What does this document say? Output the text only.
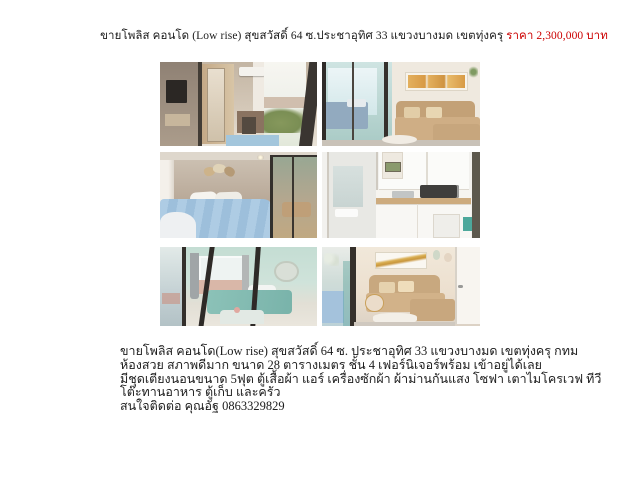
ขายโพลิส คอนโด (Low rise) สุขสวัสดิ์ 64 ซ.ประชาอุทิศ 33 แขวงบางมด เขตทุ่งครุ ราคา 2,300,000 บาท
ขายโพลิส คอนโด(Low rise) สุขสวัสดิ์ 64 ซ. ประชาอุทิศ 33 แขวงบางมด เขตทุ่งครุ กทม
ห้องสวย สภาพดีมาก ขนาด 28 ตารางเมตร ชั้น 4 เฟอร์นิเจอร์พร้อม เข้าอยู่ได้เลย
มีชุดเตียงนอนขนาด 5ฟุต ตู้เสื้อผ้า แอร์ เครื่องซักผ้า ผ้าม่านกันแสง โซฟา เตาไมโครเวฟ ทีวี
โต๊ะทานอาหาร ตู้เก็บ และครัว
สนใจติดต่อ คุณอัฐ 0863329829
